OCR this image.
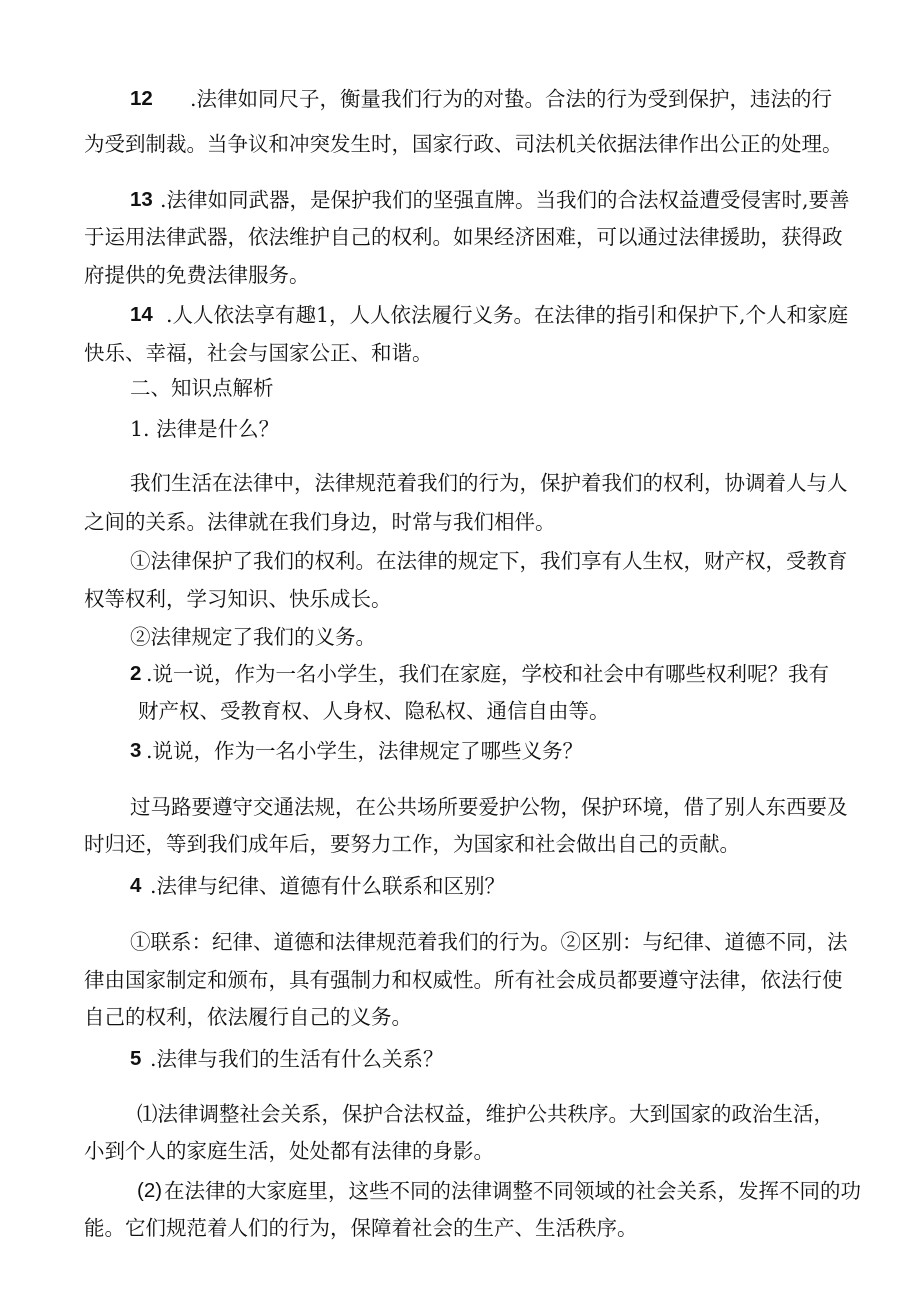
12 .法律如同尺子，衡量我们行为的对蛰。合法的行为受到保护，违法的行
为受到制裁。当争议和冲突发生时，国家行政、司法机关依据法律作出公正的处理。
13 .法律如同武器，是保护我们的坚强直牌。当我们的合法权益遭受侵害时,要善
于运用法律武器，依法维护自己的权利。如果经济困难，可以通过法律援助，获得政
府提供的免费法律服务。
14 .人人依法享有趣1，人人依法履行义务。在法律的指引和保护下,个人和家庭
快乐、幸福，社会与国家公正、和谐。
二、知识点解析
1. 法律是什么？
我们生活在法律中，法律规范着我们的行为，保护着我们的权利，协调着人与人
之间的关系。法律就在我们身边，时常与我们相伴。
①法律保护了我们的权利。在法律的规定下，我们享有人生权，财产权，受教育
权等权利，学习知识、快乐成长。
②法律规定了我们的义务。
2 .说一说，作为一名小学生，我们在家庭，学校和社会中有哪些权利呢？我有
财产权、受教育权、人身权、隐私权、通信自由等。
3 .说说，作为一名小学生，法律规定了哪些义务？
过马路要遵守交通法规，在公共场所要爱护公物，保护环境，借了别人东西要及
时归还，等到我们成年后，要努力工作，为国家和社会做出自己的贡献。
4 .法律与纪律、道德有什么联系和区别？
①联系：纪律、道德和法律规范着我们的行为。②区别：与纪律、道德不同，法
律由国家制定和颁布，具有强制力和权威性。所有社会成员都要遵守法律，依法行使
自己的权利，依法履行自己的义务。
5 .法律与我们的生活有什么关系？
⑴法律调整社会关系，保护合法权益，维护公共秩序。大到国家的政治生活，
小到个人的家庭生活，处处都有法律的身影。
(2) 在法律的大家庭里，这些不同的法律调整不同领域的社会关系，发挥不同的功
能。它们规范着人们的行为，保障着社会的生产、生活秩序。
